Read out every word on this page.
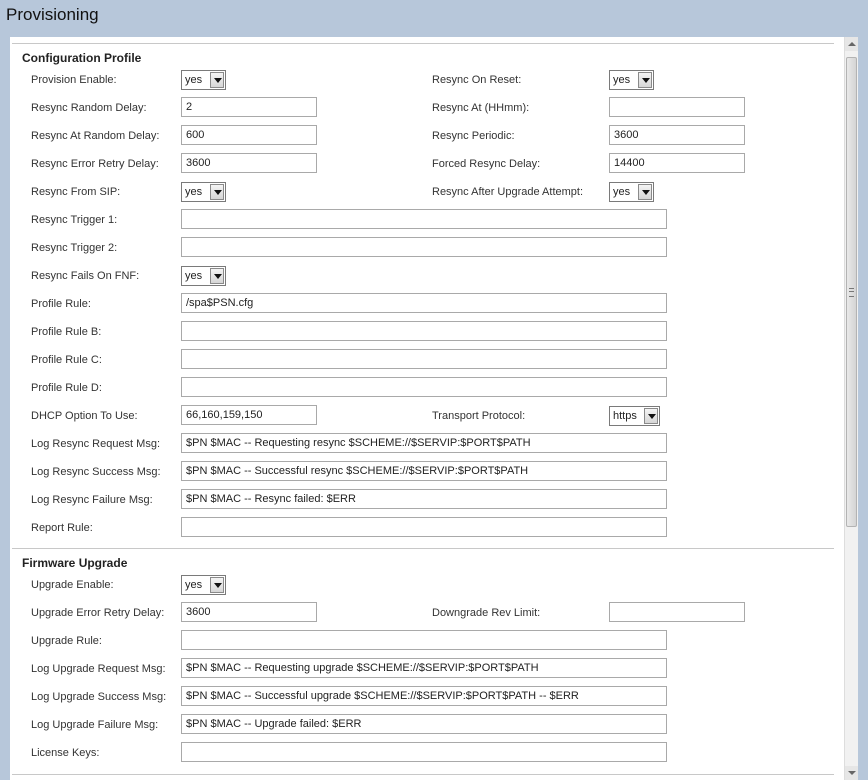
Provisioning
Configuration Profile
Provision Enable:	yes	Resync On Reset:	yes
Resync Random Delay:	2	Resync At (HHmm):
Resync At Random Delay:	600	Resync Periodic:	3600
Resync Error Retry Delay:	3600	Forced Resync Delay:	14400
Resync From SIP:	yes	Resync After Upgrade Attempt:	yes
Resync Trigger 1:
Resync Trigger 2:
Resync Fails On FNF:	yes
Profile Rule:	/spa$PSN.cfg
Profile Rule B:
Profile Rule C:
Profile Rule D:
DHCP Option To Use:	66,160,159,150	Transport Protocol:	https
Log Resync Request Msg:	$PN $MAC -- Requesting resync $SCHEME://$SERVIP:$PORT$PATH
Log Resync Success Msg:	$PN $MAC -- Successful resync $SCHEME://$SERVIP:$PORT$PATH
Log Resync Failure Msg:	$PN $MAC -- Resync failed: $ERR
Report Rule:
Firmware Upgrade
Upgrade Enable:	yes
Upgrade Error Retry Delay:	3600	Downgrade Rev Limit:
Upgrade Rule:
Log Upgrade Request Msg:	$PN $MAC -- Requesting upgrade $SCHEME://$SERVIP:$PORT$PATH
Log Upgrade Success Msg:	$PN $MAC -- Successful upgrade $SCHEME://$SERVIP:$PORT$PATH -- $ERR
Log Upgrade Failure Msg:	$PN $MAC -- Upgrade failed: $ERR
License Keys:
